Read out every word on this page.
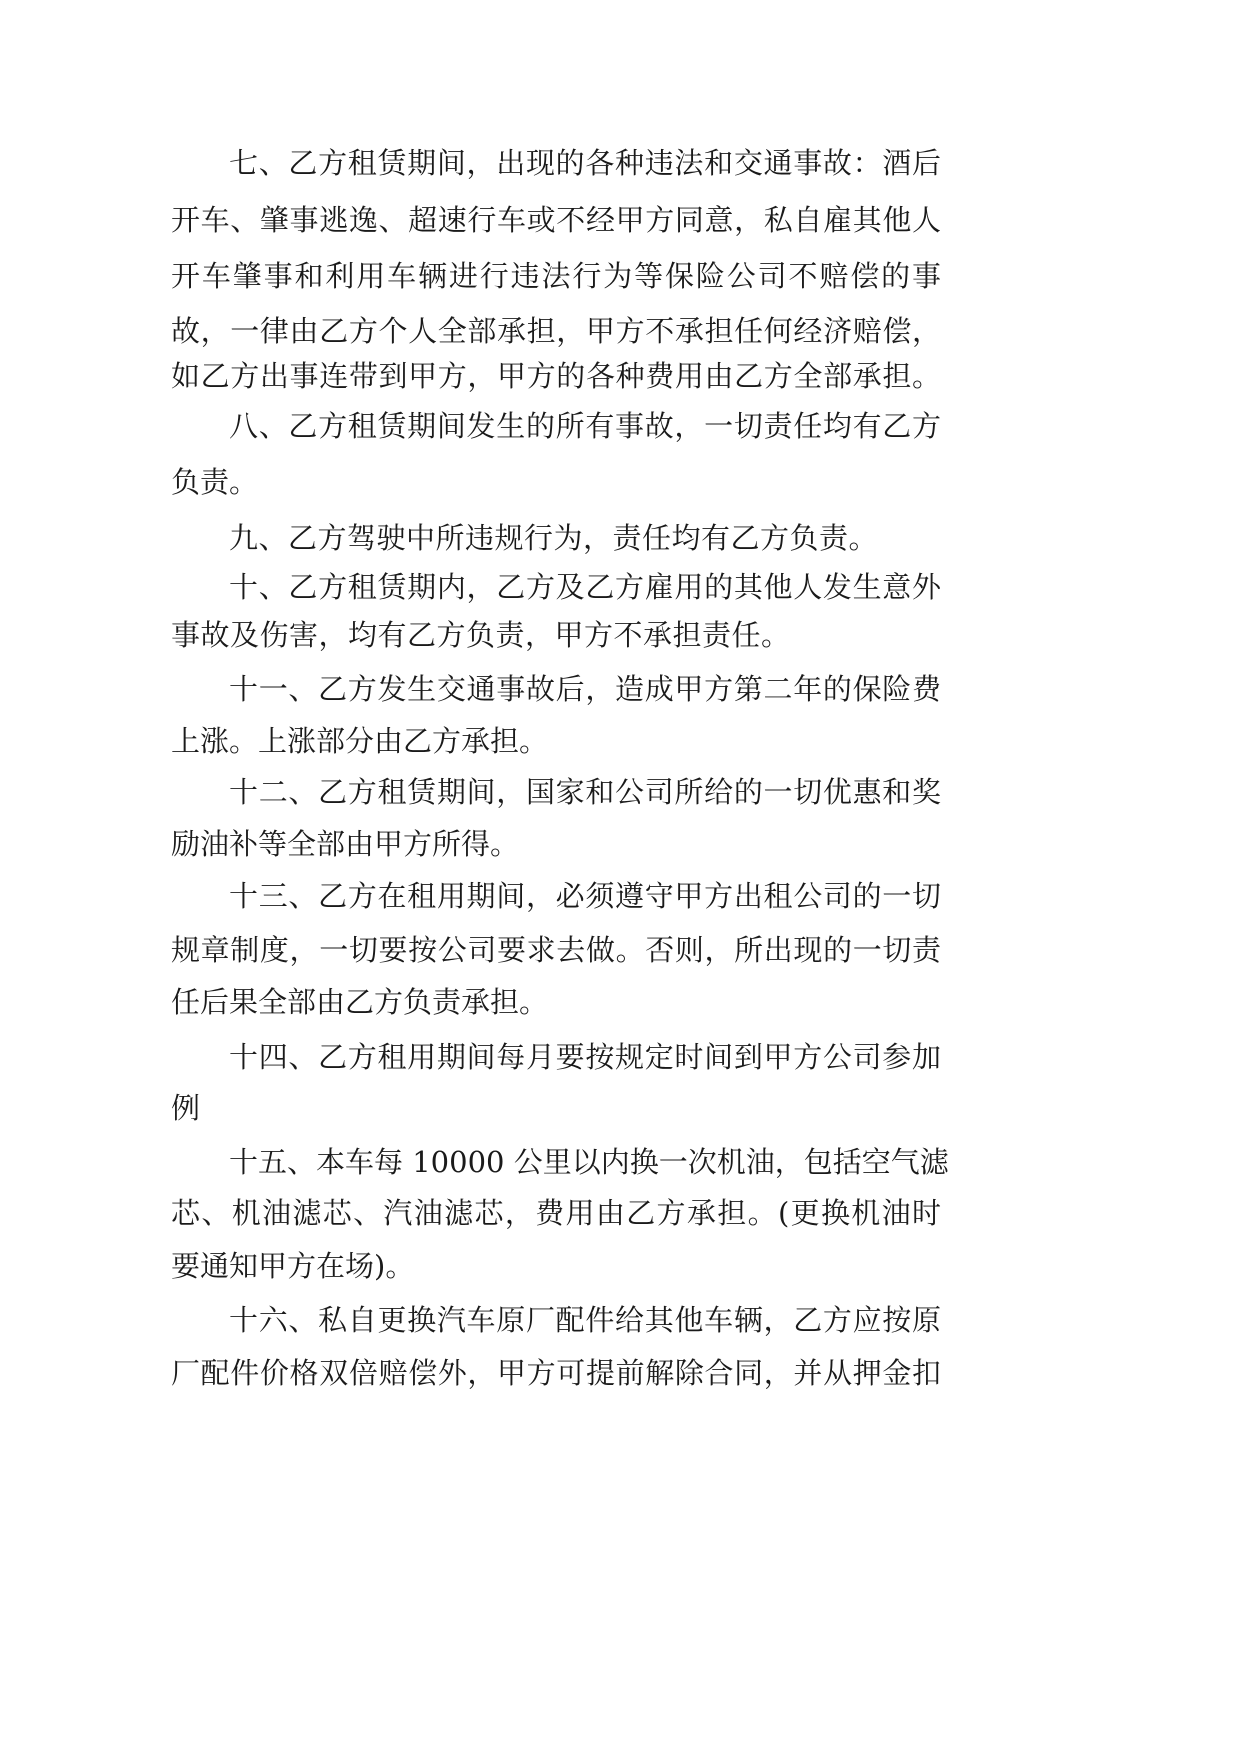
七、乙方租赁期间，出现的各种违法和交通事故：酒后
开车、肇事逃逸、超速行车或不经甲方同意，私自雇其他人
开车肇事和利用车辆进行违法行为等保险公司不赔偿的事
故，一律由乙方个人全部承担，甲方不承担任何经济赔偿，
如乙方出事连带到甲方，甲方的各种费用由乙方全部承担。
八、乙方租赁期间发生的所有事故，一切责任均有乙方
负责。
九、乙方驾驶中所违规行为，责任均有乙方负责。
十、乙方租赁期内，乙方及乙方雇用的其他人发生意外
事故及伤害，均有乙方负责，甲方不承担责任。
十一、乙方发生交通事故后，造成甲方第二年的保险费
上涨。上涨部分由乙方承担。
十二、乙方租赁期间，国家和公司所给的一切优惠和奖
励油补等全部由甲方所得。
十三、乙方在租用期间，必须遵守甲方出租公司的一切
规章制度，一切要按公司要求去做。否则，所出现的一切责
任后果全部由乙方负责承担。
十四、乙方租用期间每月要按规定时间到甲方公司参加
例
十五、本车每 10000 公里以内换一次机油，包括空气滤
芯、机油滤芯、汽油滤芯，费用由乙方承担。(更换机油时
要通知甲方在场)。
十六、私自更换汽车原厂配件给其他车辆，乙方应按原
厂配件价格双倍赔偿外，甲方可提前解除合同，并从押金扣
